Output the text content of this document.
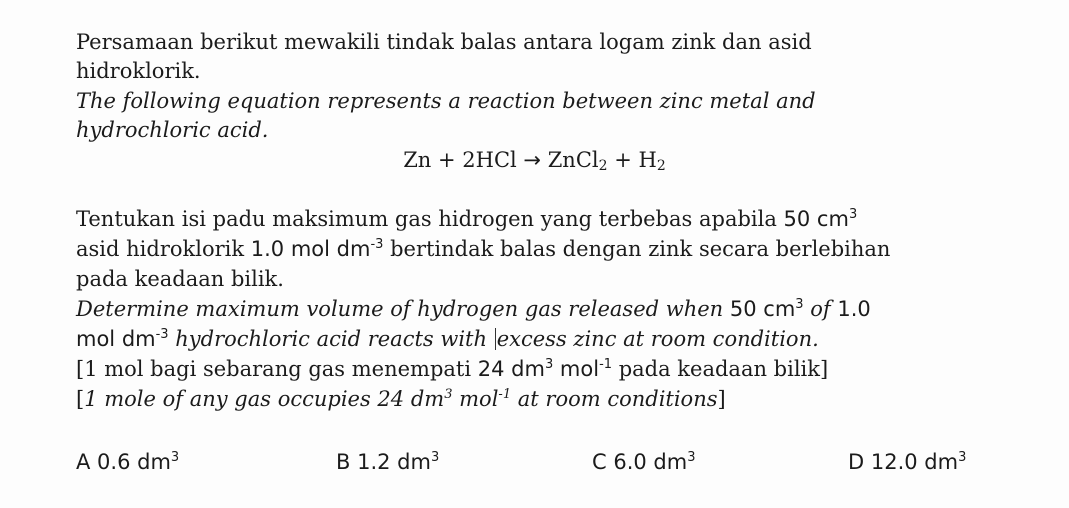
Persamaan berikut mewakili tindak balas antara logam zink dan asid
hidroklorik.
The following equation represents a reaction between zinc metal and
hydrochloric acid.
Zn + 2HCl → ZnCl$_2$ + $H_2$
Tentukan isi padu maksimum gas hidrogen yang terbebas apabila 50 $cm^3$
asid hidroklorik 1.0 mol $dm^{-3}$ bertindak balas dengan zink secara berlebihan
pada keadaan bilik.
Determine maximum volume of hydrogen gas released when 50 $cm^3$ of 1.0
mol $dm^{-3}$ hydrochloric acid reacts with excess zinc at room condition.
[1 mol bagi sebarang gas menempati 24 $dm^3$ mol$^{-1}$ pada keadaan bilik]
[1 mole of any gas occupies 24 $dm^3$ mol$^{-1}$ at room conditions]
A 0.6 $dm^3$	B 1.2 $dm^3$	C 6.0 $dm^3$	D 12.0 $dm^3$
